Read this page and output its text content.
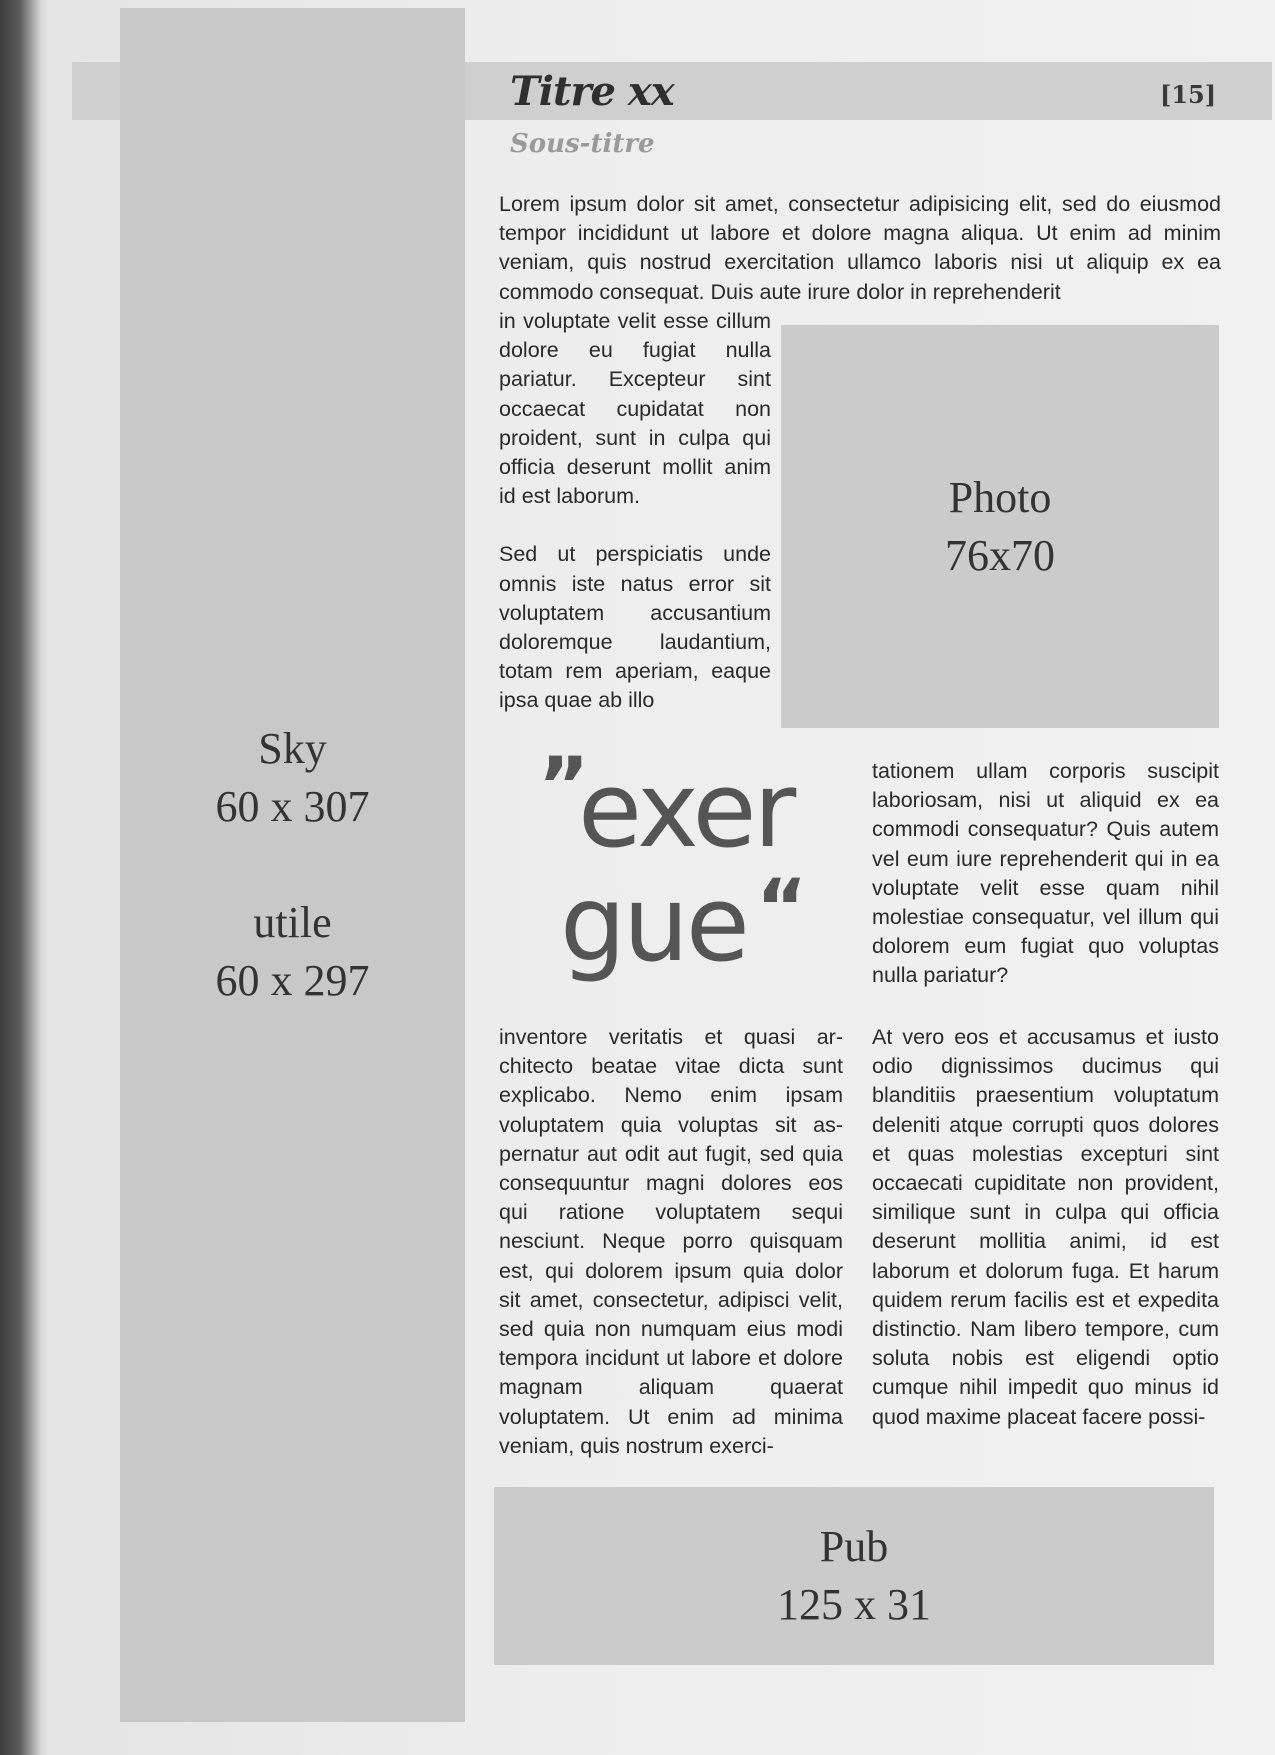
Sky
60 x 307
utile
60 x 297
Titre xx	[15]
Sous-titre

Lorem ipsum dolor sit amet, consectetur adipisicing elit, sed do eiusmod tempor incididunt ut labore et dolore magna aliqua. Ut enim ad minim veniam, quis nostrud exercitation ullamco laboris nisi ut aliquip ex ea commodo consequat. Duis aute irure dolor in reprehenderit

in voluptate velit esse cillum dolore eu fugiat nulla pariatur. Excepteur sint occaecat cupidatat non proident, sunt in culpa qui officia deserunt mollit anim id est laborum.

Sed ut perspiciatis unde omnis iste natus error sit voluptatem accusantium doloremque laudantium, totam rem aperiam, eaque ipsa quae ab illo

Photo
76x70
”
exer
gue “

tationem ullam corporis suscipit laboriosam, nisi ut aliquid ex ea commodi consequatur? Quis autem vel eum iure reprehenderit qui in ea voluptate velit esse quam nihil molestiae consequatur, vel illum qui dolorem eum fugiat quo voluptas nulla pariatur?

inventore veritatis et quasi architecto beatae vitae dicta sunt explicabo. Nemo enim ipsam voluptatem quia voluptas sit aspernatur aut odit aut fugit, sed quia consequuntur magni dolores eos qui ratione voluptatem sequi nesciunt. Neque porro quisquam est, qui dolorem ipsum quia dolor sit amet, consectetur, adipisci velit, sed quia non numquam eius modi tempora incidunt ut labore et dolore magnam aliquam quaerat voluptatem. Ut enim ad minima veniam, quis nostrum exerci-

At vero eos et accusamus et iusto odio dignissimos ducimus qui blanditiis praesentium voluptatum deleniti atque corrupti quos dolores et quas molestias excepturi sint occaecati cupiditate non provident, similique sunt in culpa qui officia deserunt mollitia animi, id est laborum et dolorum fuga. Et harum quidem rerum facilis est et expedita distinctio. Nam libero tempore, cum soluta nobis est eligendi optio cumque nihil impedit quo minus id quod maxime placeat facere possi-

Pub
125 x 31
